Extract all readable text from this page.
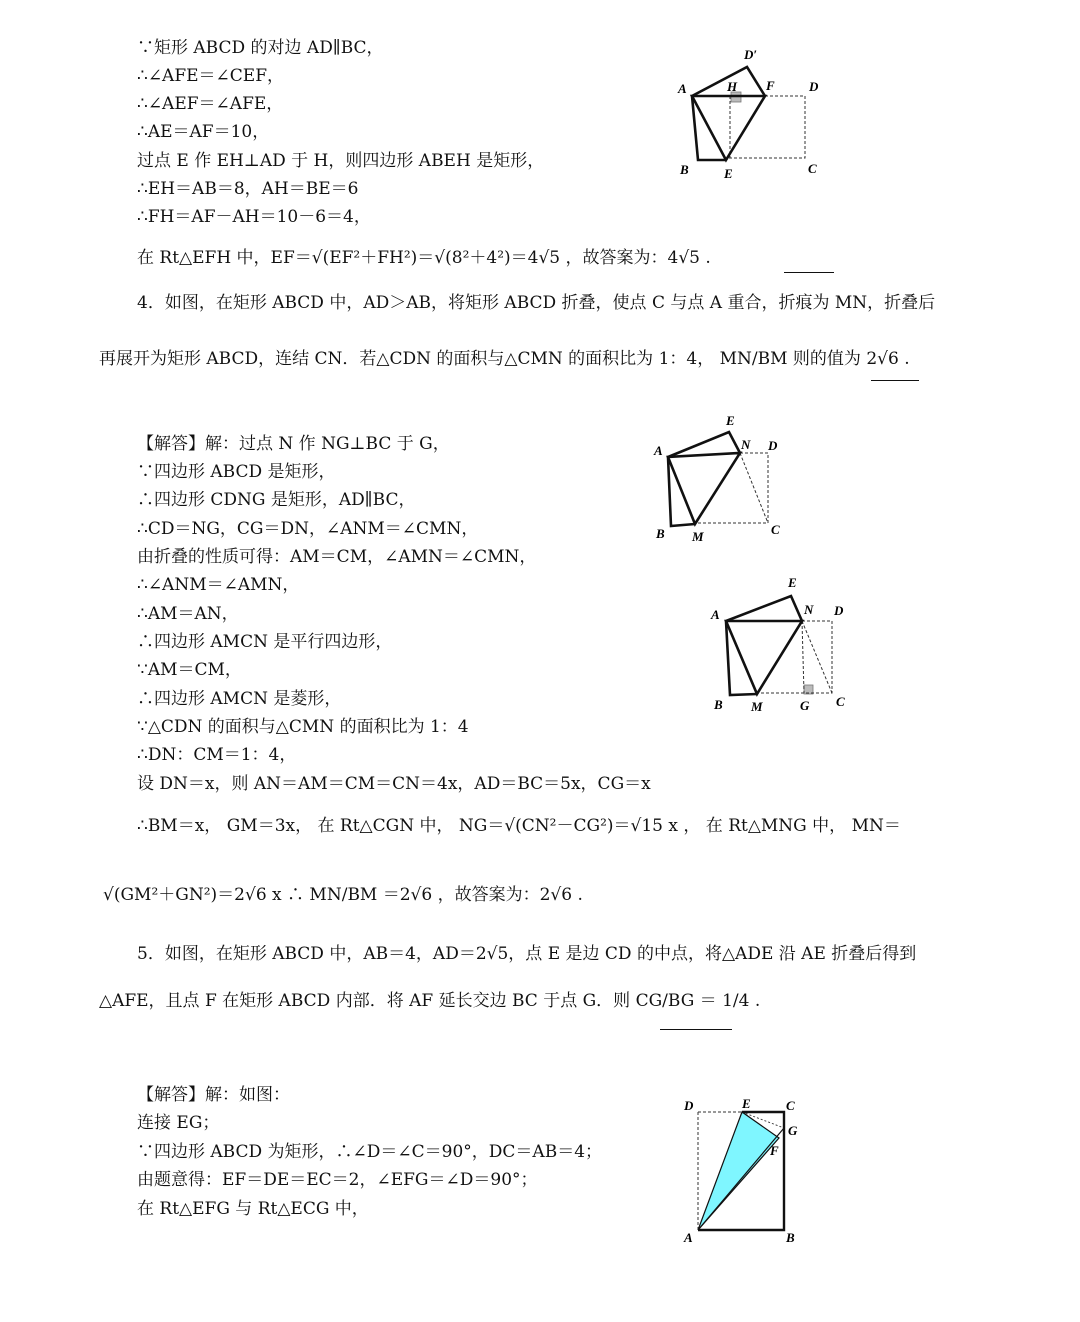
∵矩形 ABCD 的对边 AD∥BC，
∴∠AFE＝∠CEF，
∴∠AEF＝∠AFE，
∴AE＝AF＝10，
过点 E 作 EH⊥AD 于 H，则四边形 ABEH 是矩形，
∴EH＝AB＝8，AH＝BE＝6
∴FH＝AF－AH＝10－6＝4，
在 Rt△EFH 中，EF＝√(EF²＋FH²)＝√(8²＋4²)＝4√5 ，故答案为：4√5 .
A
B	C
D
D′
E
F
H
4．如图，在矩形 ABCD 中，AD＞AB，将矩形 ABCD 折叠，使点 C 与点 A 重合，折痕为 MN，折叠后
再展开为矩形 ABCD，连结 CN．若△CDN 的面积与△CMN 的面积比为 1：4， MN/BM 则的值为 2√6 .
【解答】解：过点 N 作 NG⊥BC 于 G，
∵四边形 ABCD 是矩形，
∴四边形 CDNG 是矩形，AD∥BC，
∴CD＝NG，CG＝DN，∠ANM＝∠CMN，
由折叠的性质可得：AM＝CM，∠AMN＝∠CMN，
∴∠ANM＝∠AMN，
∴AM＝AN，
∴四边形 AMCN 是平行四边形，
∵AM＝CM，
∴四边形 AMCN 是菱形，
∵△CDN 的面积与△CMN 的面积比为 1：4
∴DN：CM＝1：4，
设 DN＝x，则 AN＝AM＝CM＝CN＝4x，AD＝BC＝5x，CG＝x
∴BM＝x， GM＝3x， 在 Rt△CGN 中， NG＝√(CN²－CG²)＝√15 x ， 在 Rt△MNG 中， MN＝
√(GM²＋GN²)＝2√6 x ∴ MN/BM ＝2√6 ，故答案为：2√6 .
A
B	C
D
E
M
N
A
B	C
D
E
M
N
G
5．如图，在矩形 ABCD 中，AB＝4，AD＝2√5，点 E 是边 CD 的中点，将△ADE 沿 AE 折叠后得到
△AFE，且点 F 在矩形 ABCD 内部．将 AF 延长交边 BC 于点 G．则 CG/BG ＝ 1/4 .
【解答】解：如图：
连接 EG；
∵四边形 ABCD 为矩形，∴∠D＝∠C＝90°，DC＝AB＝4；
由题意得：EF＝DE＝EC＝2，∠EFG＝∠D＝90°；
在 Rt△EFG 与 Rt△ECG 中，
A	B
C
D	E
F
G
